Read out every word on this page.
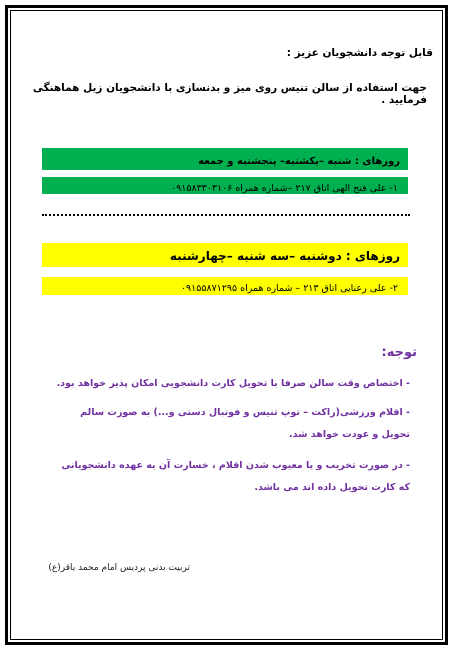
قابل توجه دانشجویان عزیز :
جهت استفاده از سالن تنیس روی میز و بدنسازی با دانشجویان زیل هماهنگی فرمایید .
روزهای : شنبه –یکشنبه– پنجشنبه و جمعه
۱- علی فتح الهی اتاق ۲۱۷ –شماره همراه ۰۹۱۵۸۳۳۰۳۱۰۶
روزهای : دوشنبه –سه شنبه –چهارشنبه
۲- علی رعنایی اتاق ۲۱۳ – شماره همراه ۰۹۱۵۵۸۷۱۲۹۵
توجه:
- اختصاص وقت سالن صرفا با تحویل کارت دانشجویی امکان پذیر خواهد بود.
- اقلام ورزشی(راکت – توپ تنیس و فوتبال دستی و...) به صورت سالم تحویل و عودت خواهد شد.
- در صورت تخریب و یا معیوب شدن اقلام ، خسارت آن به عهده دانشجویانی که کارت تحویل داده اند می باشد.
تربیت بدنی پردیس امام محمد باقر(ع)
